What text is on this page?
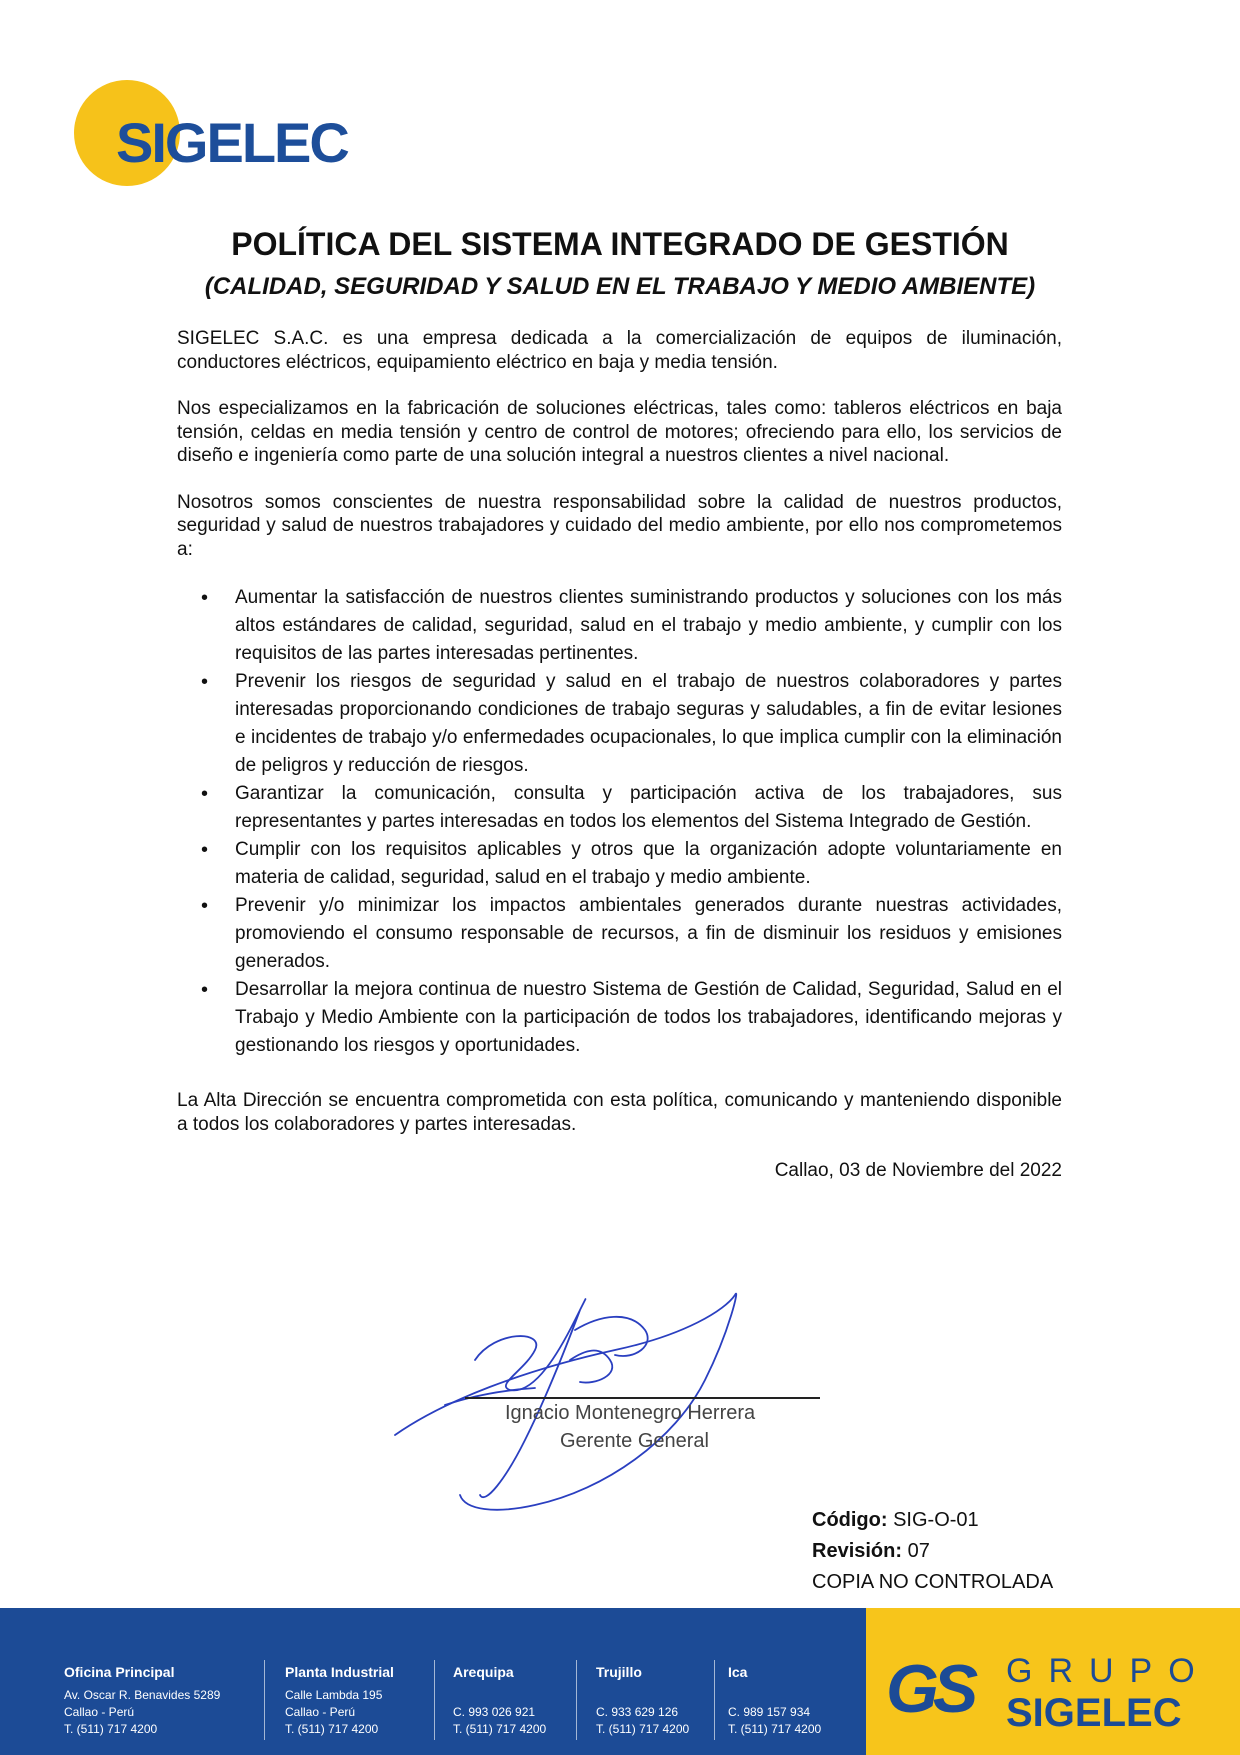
SIGELEC
POLÍTICA DEL SISTEMA INTEGRADO DE GESTIÓN
(CALIDAD, SEGURIDAD Y SALUD EN EL TRABAJO Y MEDIO AMBIENTE)

SIGELEC S.A.C. es una empresa dedicada a la comercialización de equipos de iluminación, conductores eléctricos, equipamiento eléctrico en baja y media tensión.

Nos especializamos en la fabricación de soluciones eléctricas, tales como: tableros eléctricos en baja tensión, celdas en media tensión y centro de control de motores; ofreciendo para ello, los servicios de diseño e ingeniería como parte de una solución integral a nuestros clientes a nivel nacional.

Nosotros somos conscientes de nuestra responsabilidad sobre la calidad de nuestros productos, seguridad y salud de nuestros trabajadores y cuidado del medio ambiente, por ello nos comprometemos a:

• Aumentar la satisfacción de nuestros clientes suministrando productos y soluciones con los más altos estándares de calidad, seguridad, salud en el trabajo y medio ambiente, y cumplir con los requisitos de las partes interesadas pertinentes.
• Prevenir los riesgos de seguridad y salud en el trabajo de nuestros colaboradores y partes interesadas proporcionando condiciones de trabajo seguras y saludables, a fin de evitar lesiones e incidentes de trabajo y/o enfermedades ocupacionales, lo que implica cumplir con la eliminación de peligros y reducción de riesgos.
• Garantizar la comunicación, consulta y participación activa de los trabajadores, sus representantes y partes interesadas en todos los elementos del Sistema Integrado de Gestión.
• Cumplir con los requisitos aplicables y otros que la organización adopte voluntariamente en materia de calidad, seguridad, salud en el trabajo y medio ambiente.
• Prevenir y/o minimizar los impactos ambientales generados durante nuestras actividades, promoviendo el consumo responsable de recursos, a fin de disminuir los residuos y emisiones generados.
• Desarrollar la mejora continua de nuestro Sistema de Gestión de Calidad, Seguridad, Salud en el Trabajo y Medio Ambiente con la participación de todos los trabajadores, identificando mejoras y gestionando los riesgos y oportunidades.

La Alta Dirección se encuentra comprometida con esta política, comunicando y manteniendo disponible a todos los colaboradores y partes interesadas.

Callao, 03 de Noviembre del 2022

Ignacio Montenegro Herrera
Gerente General
Código: SIG-O-01
Revisión: 07
COPIA NO CONTROLADA
Oficina Principal
Av. Oscar R. Benavides 5289
Callao - Perú
T. (511) 717 4200
Planta Industrial
Calle Lambda 195
Callao - Perú
T. (511) 717 4200
Arequipa
C. 993 026 921
T. (511) 717 4200
Trujillo
C. 933 629 126
T. (511) 717 4200
Ica
C. 989 157 934
T. (511) 717 4200
GS GRUPO
SIGELEC
